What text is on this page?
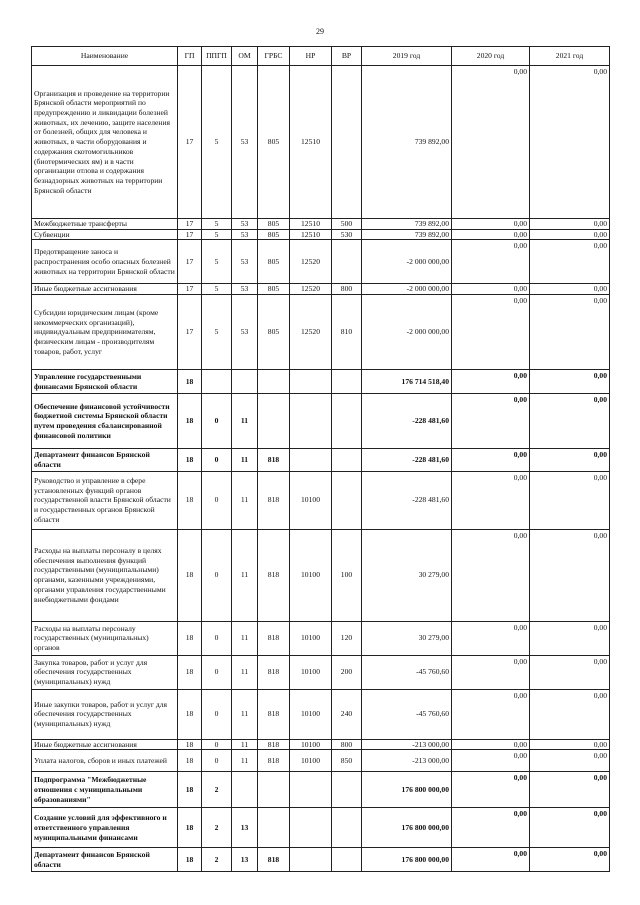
29
Наименование	ГП	ППГП	ОМ	ГРБС	НР	ВР	2019 год	2020 год	2021 год
Организация и проведение на территории Брянской области мероприятий по предупреждению и ликвидации болезней животных, их лечению, защите населения от болезней, общих для человека и животных, в части оборудования и содержания скотомогильников (биотермических ям) и в части организации отлова и содержания безнадзорных животных на территории Брянской области	17	5	53	805	12510		739 892,00	0,00	0,00
Межбюджетные трансферты	17	5	53	805	12510	500	739 892,00	0,00	0,00
Субвенции	17	5	53	805	12510	530	739 892,00	0,00	0,00
Предотвращение заноса и распространения особо опасных болезней животных на территории Брянской области	17	5	53	805	12520		-2 000 000,00	0,00	0,00
Иные бюджетные ассигнования	17	5	53	805	12520	800	-2 000 000,00	0,00	0,00
Субсидии юридическим лицам (кроме некоммерческих организаций), индивидуальным предпринимателям, физическим лицам - производителям товаров, работ, услуг	17	5	53	805	12520	810	-2 000 000,00	0,00	0,00
Управление государственными финансами Брянской области	18						176 714 518,40	0,00	0,00
Обеспечение финансовой устойчивости бюджетной системы Брянской области путем проведения сбалансированной финансовой политики	18	0	11				-228 481,60	0,00	0,00
Департамент финансов Брянской области	18	0	11	818			-228 481,60	0,00	0,00
Руководство и управление в сфере установленных функций органов государственной власти Брянской области и государственных органов Брянской области	18	0	11	818	10100		-228 481,60	0,00	0,00
Расходы на выплаты персоналу в целях обеспечения выполнения функций государственными (муниципальными) органами, казенными учреждениями, органами управления государственными внебюджетными фондами	18	0	11	818	10100	100	30 279,00	0,00	0,00
Расходы на выплаты персоналу государственных (муниципальных) органов	18	0	11	818	10100	120	30 279,00	0,00	0,00
Закупка товаров, работ и услуг для обеспечения государственных (муниципальных) нужд	18	0	11	818	10100	200	-45 760,60	0,00	0,00
Иные закупки товаров, работ и услуг для обеспечения государственных (муниципальных) нужд	18	0	11	818	10100	240	-45 760,60	0,00	0,00
Иные бюджетные ассигнования	18	0	11	818	10100	800	-213 000,00	0,00	0,00
Уплата налогов, сборов и иных платежей	18	0	11	818	10100	850	-213 000,00	0,00	0,00
Подпрограмма "Межбюджетные отношения с муниципальными образованиями"	18	2					176 800 000,00	0,00	0,00
Создание условий для эффективного и ответственного управления муниципальными финансами	18	2	13				176 800 000,00	0,00	0,00
Департамент финансов Брянской области	18	2	13	818			176 800 000,00	0,00	0,00
